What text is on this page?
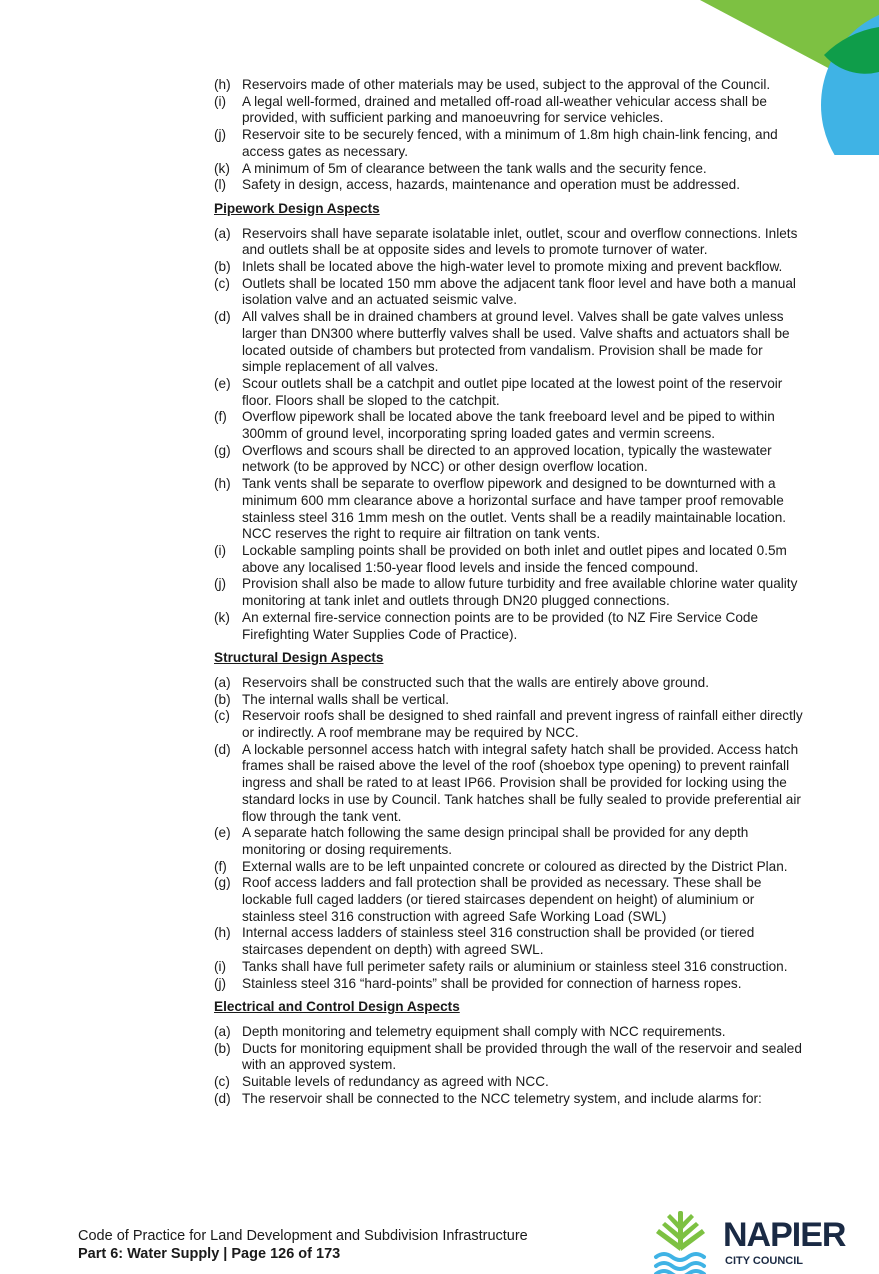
(h) Reservoirs made of other materials may be used, subject to the approval of the Council.
(i)	A legal well-formed, drained and metalled off-road all-weather vehicular access shall be provided, with sufficient parking and manoeuvring for service vehicles.
(j)	Reservoir site to be securely fenced, with a minimum of 1.8m high chain-link fencing, and access gates as necessary.
(k) A minimum of 5m of clearance between the tank walls and the security fence.
(l)	Safety in design, access, hazards, maintenance and operation must be addressed.
Pipework Design Aspects
(a) Reservoirs shall have separate isolatable inlet, outlet, scour and overflow connections. Inlets and outlets shall be at opposite sides and levels to promote turnover of water.
(b) Inlets shall be located above the high-water level to promote mixing and prevent backflow.
(c) Outlets shall be located 150 mm above the adjacent tank floor level and have both a manual isolation valve and an actuated seismic valve.
(d) All valves shall be in drained chambers at ground level. Valves shall be gate valves unless larger than DN300 where butterfly valves shall be used. Valve shafts and actuators shall be located outside of chambers but protected from vandalism. Provision shall be made for simple replacement of all valves.
(e) Scour outlets shall be a catchpit and outlet pipe located at the lowest point of the reservoir floor. Floors shall be sloped to the catchpit.
(f)	Overflow pipework shall be located above the tank freeboard level and be piped to within 300mm of ground level, incorporating spring loaded gates and vermin screens.
(g) Overflows and scours shall be directed to an approved location, typically the wastewater network (to be approved by NCC) or other design overflow location.
(h) Tank vents shall be separate to overflow pipework and designed to be downturned with a minimum 600 mm clearance above a horizontal surface and have tamper proof removable stainless steel 316 1mm mesh on the outlet. Vents shall be a readily maintainable location. NCC reserves the right to require air filtration on tank vents.
(i)	Lockable sampling points shall be provided on both inlet and outlet pipes and located 0.5m above any localised 1:50-year flood levels and inside the fenced compound.
(j)	Provision shall also be made to allow future turbidity and free available chlorine water quality monitoring at tank inlet and outlets through DN20 plugged connections.
(k) An external fire-service connection points are to be provided (to NZ Fire Service Code Firefighting Water Supplies Code of Practice).
Structural Design Aspects
(a) Reservoirs shall be constructed such that the walls are entirely above ground.
(b) The internal walls shall be vertical.
(c) Reservoir roofs shall be designed to shed rainfall and prevent ingress of rainfall either directly or indirectly. A roof membrane may be required by NCC.
(d) A lockable personnel access hatch with integral safety hatch shall be provided. Access hatch frames shall be raised above the level of the roof (shoebox type opening) to prevent rainfall ingress and shall be rated to at least IP66. Provision shall be provided for locking using the standard locks in use by Council. Tank hatches shall be fully sealed to provide preferential air flow through the tank vent.
(e) A separate hatch following the same design principal shall be provided for any depth monitoring or dosing requirements.
(f)	External walls are to be left unpainted concrete or coloured as directed by the District Plan.
(g) Roof access ladders and fall protection shall be provided as necessary. These shall be lockable full caged ladders (or tiered staircases dependent on height) of aluminium or stainless steel 316 construction with agreed Safe Working Load (SWL)
(h) Internal access ladders of stainless steel 316 construction shall be provided (or tiered staircases dependent on depth) with agreed SWL.
(i)	Tanks shall have full perimeter safety rails or aluminium or stainless steel 316 construction.
(j)	Stainless steel 316 “hard-points” shall be provided for connection of harness ropes.
Electrical and Control Design Aspects
(a) Depth monitoring and telemetry equipment shall comply with NCC requirements.
(b) Ducts for monitoring equipment shall be provided through the wall of the reservoir and sealed with an approved system.
(c) Suitable levels of redundancy as agreed with NCC.
(d) The reservoir shall be connected to the NCC telemetry system, and include alarms for:
Code of Practice for Land Development and Subdivision Infrastructure
Part 6: Water Supply | Page 126 of 173	NAPIER
CITY COUNCIL
